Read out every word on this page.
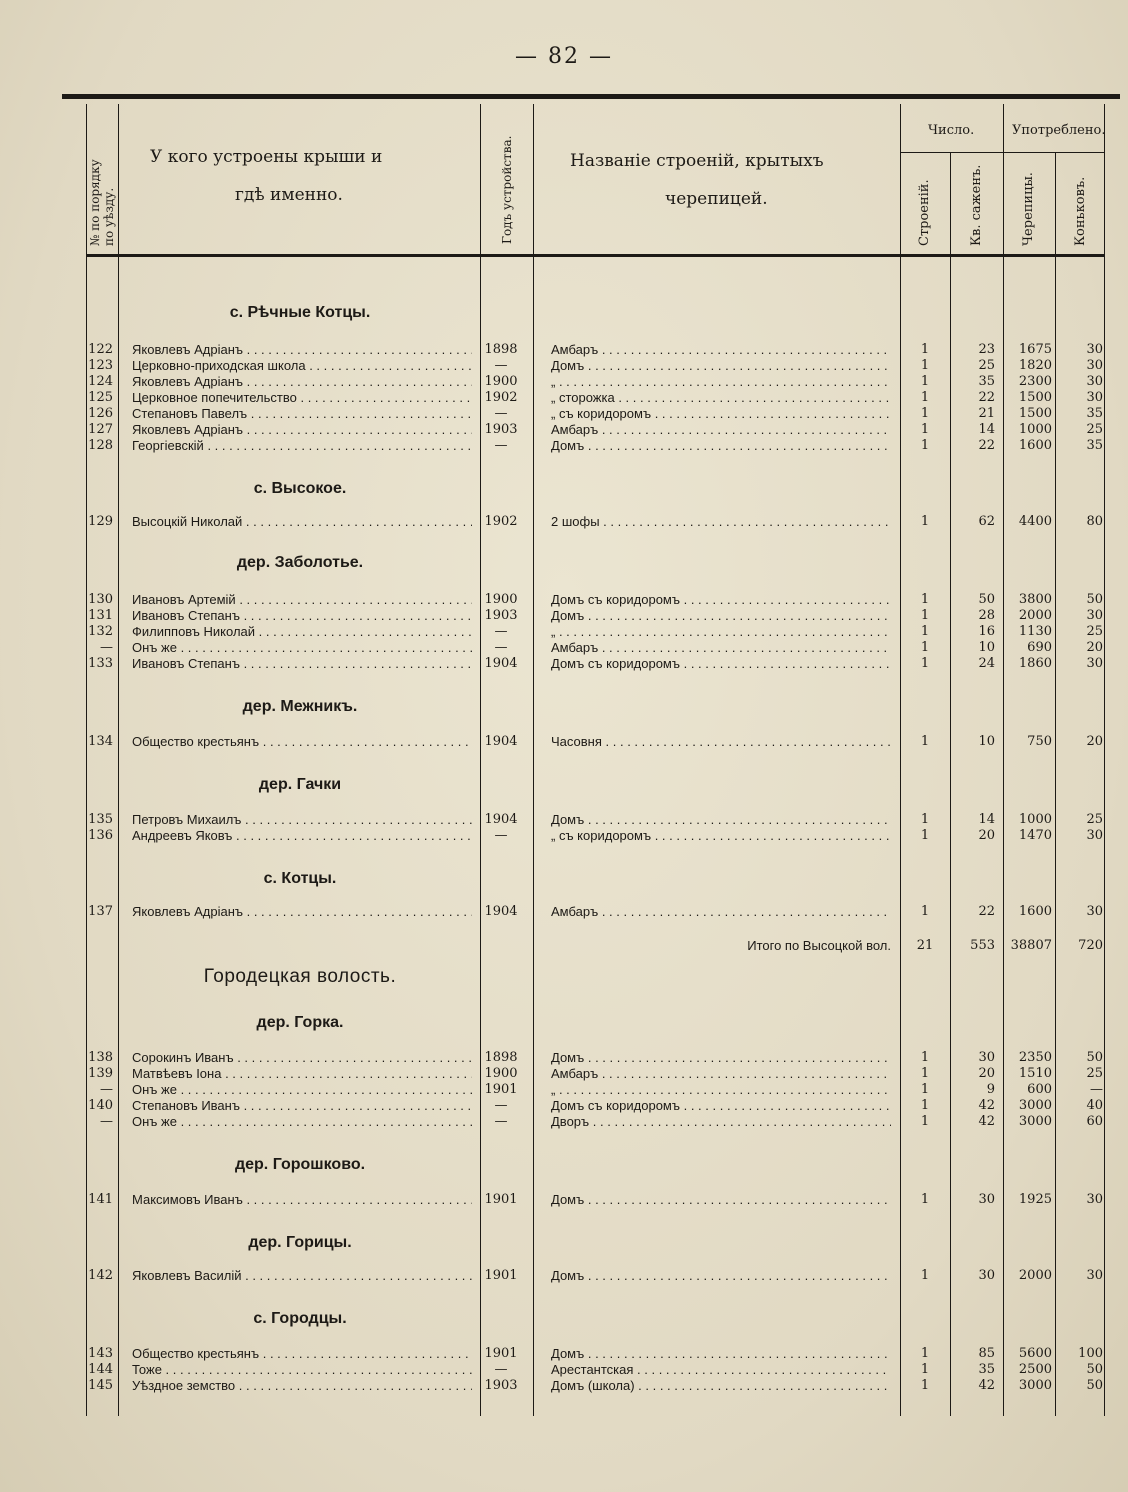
— 82 —
№ по порядку по уѣзду.
У кого устроены крыши и
гдѣ именно.	Годъ устройства.	Названіе строеній, крытыхъ
черепицей.
Число.	Употреблено.
Строеній.	Кв. саженъ.	Черепицы.	Коньковъ.
с. Рѣчные Котцы.
с. Высокое.
дер. Заболотье.
дер. Межникъ.
дер. Гачки
с. Котцы.
Городецкая волость.
дер. Горка.
дер. Горошково.
дер. Горицы.
с. Городцы.
122 Яковлевъ Адріанъ . . .	1898	Амбаръ . . .	1	23	1675	30
123 Церковно-приходская школа . . .	—	Домъ . . .	1	25	1820	30
124 Яковлевъ Адріанъ . . .	1900	„ . . .	1	35	2300	30
125 Церковное попечительство . . .	1902	„ сторожка . . .	1	22	1500	30
126 Степановъ Павелъ . . .	—	„ съ коридоромъ . . .	1	21	1500	35
127 Яковлевъ Адріанъ . . .	1903	Амбаръ . . .	1	14	1000	25
128 Георгіевскій . . .	—	Домъ . . .	1	22	1600	35
129 Высоцкій Николай . . .	1902	2 шофы . . .	1	62	4400	80
130 Ивановъ Артемій . . .	1900	Домъ съ коридоромъ . . .	1	50	3800	50
131 Ивановъ Степанъ . . .	1903	Домъ . . .	1	28	2000	30
132 Филипповъ Николай . . .	—	„ . . .	1	16	1130	25
— Онъ же . . .	—	Амбаръ . . .	1	10	690	20
133 Ивановъ Степанъ . . .	1904	Домъ съ коридоромъ . . .	1	24	1860	30
134 Общество крестьянъ . . .	1904	Часовня . . .	1	10	750	20
135 Петровъ Михаилъ . . .	1904	Домъ . . .	1	14	1000	25
136 Андреевъ Яковъ . . .	—	„ съ коридоромъ . . .	1	20	1470	30
137 Яковлевъ Адріанъ . . .	1904	Амбаръ . . .	1	22	1600	30
138 Сорокинъ Иванъ . . .	1898	Домъ . . .	1	30	2350	50
139 Матвѣевъ Іона . . .	1900	Амбаръ . . .	1	20	1510	25
— Онъ же . . .	1901	„ . . .	1	9	600	—
140 Степановъ Иванъ . . .	—	Домъ съ коридоромъ . . .	1	42	3000	40
— Онъ же . . .	—	Дворъ . . .	1	42	3000	60
141 Максимовъ Иванъ . . .	1901	Домъ . . .	1	30	1925	30
142 Яковлевъ Василій . . .	1901	Домъ . . .	1	30	2000	30
143 Общество крестьянъ . . .	1901	Домъ . . .	1	85	5600	100
144 Тоже . . .	—	Арестантская . . .	1	35	2500	50
145 Уѣздное земство . . .	1903	Домъ (школа) . . .	1	42	3000	50
Итого по Высоцкой вол.	21	553	38807	720
